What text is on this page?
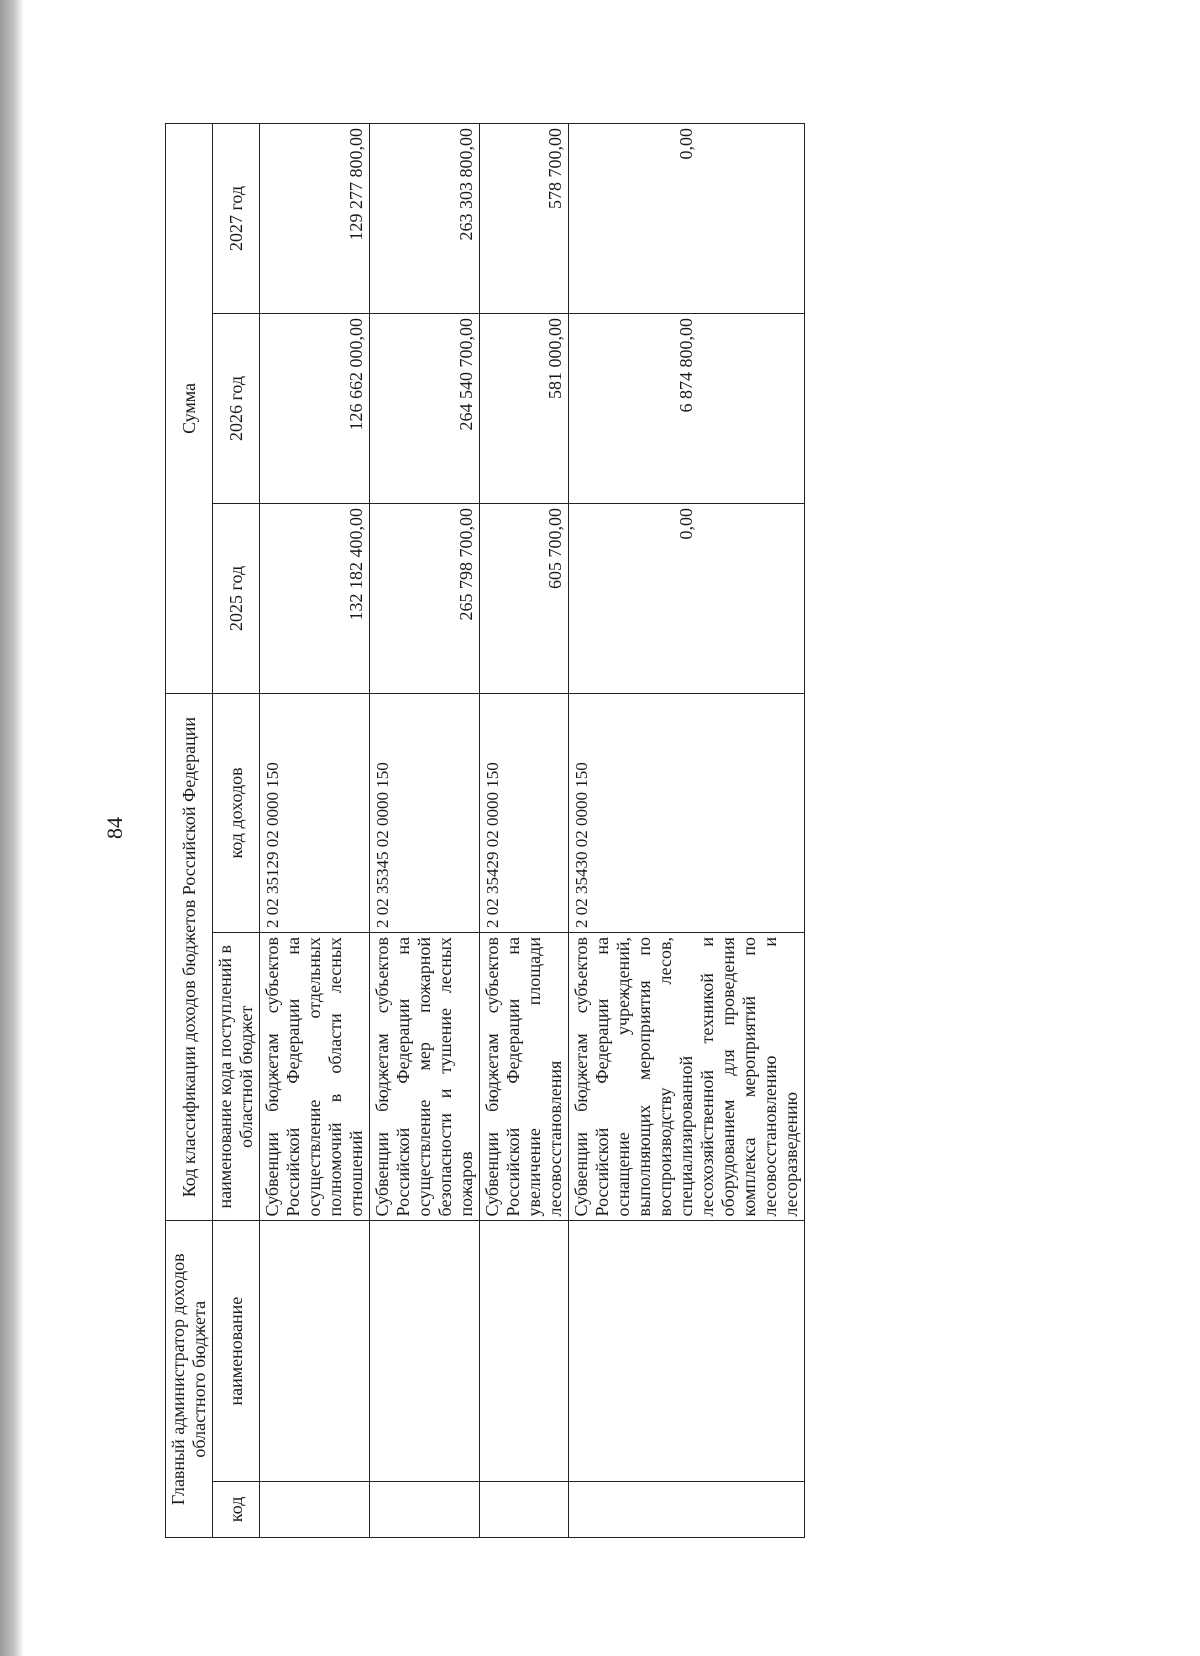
84
Главный администратор доходов областного бюджета		Код классификации доходов бюджетов Российской Федерации		Сумма		
код	наименование	наименование кода поступлений в областной бюджет	код доходов			
				2025 год	2026 год	2027 год
		Субвенции бюджетам субъектов Российской Федерации на осуществление отдельных полномочий в области лесных отношений	2 02 35129 02 0000 150	132 182 400,00	126 662 000,00	129 277 800,00
		Субвенции бюджетам субъектов Российской Федерации на осуществление мер пожарной безопасности и тушение лесных пожаров	2 02 35345 02 0000 150	265 798 700,00	264 540 700,00	263 303 800,00
		Субвенции бюджетам субъектов Российской Федерации на увеличение площади лесовосстановления	2 02 35429 02 0000 150	605 700,00	581 000,00	578 700,00
		Субвенции бюджетам субъектов Российской Федерации на оснащение учреждений, выполняющих мероприятия по воспроизводству лесов, специализированной лесохозяйственной техникой и оборудованием для проведения комплекса мероприятий по лесовосстановлению и лесоразведению	2 02 35430 02 0000 150	0,00	6 874 800,00	0,00
